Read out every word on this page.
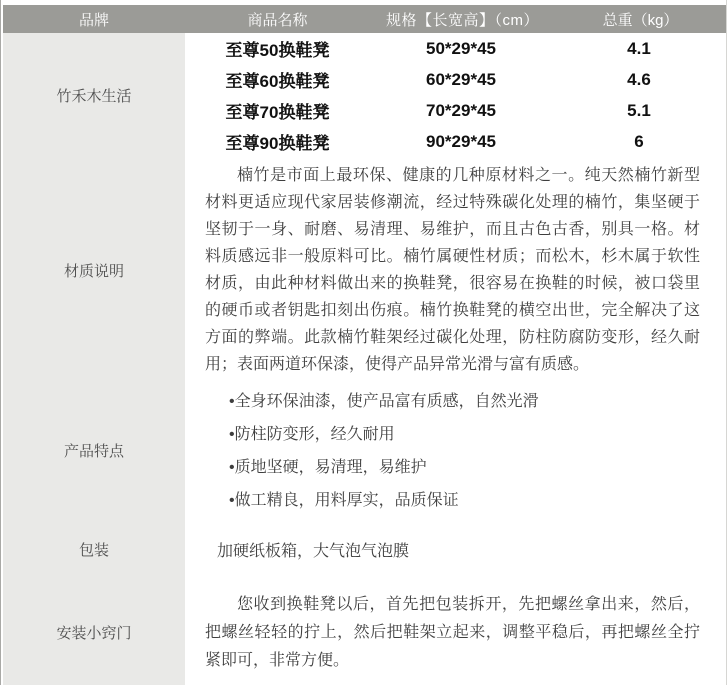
品牌	商品名称	规格【长宽高】（cm）	总重（kg）
竹禾木生活
至尊50换鞋凳	50*29*45	4.1
至尊60换鞋凳	60*29*45	4.6
至尊70换鞋凳	70*29*45	5.1
至尊90换鞋凳	90*29*45	6
材质说明

楠竹是市面上最环保、健康的几种原材料之一。纯天然楠竹新型材料更适应现代家居装修潮流，经过特殊碳化处理的楠竹，集坚硬于坚韧于一身、耐磨、易清理、易维护，而且古色古香，别具一格。材料质感远非一般原料可比。楠竹属硬性材质；而松木，杉木属于软性材质，由此种材料做出来的换鞋凳，很容易在换鞋的时候，被口袋里的硬币或者钥匙扣刻出伤痕。楠竹换鞋凳的横空出世，完全解决了这方面的弊端。此款楠竹鞋架经过碳化处理，防柱防腐防变形，经久耐用；表面两道环保漆，使得产品异常光滑与富有质感。

产品特点
•全身环保油漆，使产品富有质感，自然光滑
•防柱防变形，经久耐用
•质地坚硬，易清理，易维护
•做工精良，用料厚实，品质保证
包装	加硬纸板箱，大气泡气泡膜
安装小窍门

您收到换鞋凳以后，首先把包装拆开，先把螺丝拿出来，然后，把螺丝轻轻的拧上，然后把鞋架立起来，调整平稳后，再把螺丝全拧紧即可，非常方便。
